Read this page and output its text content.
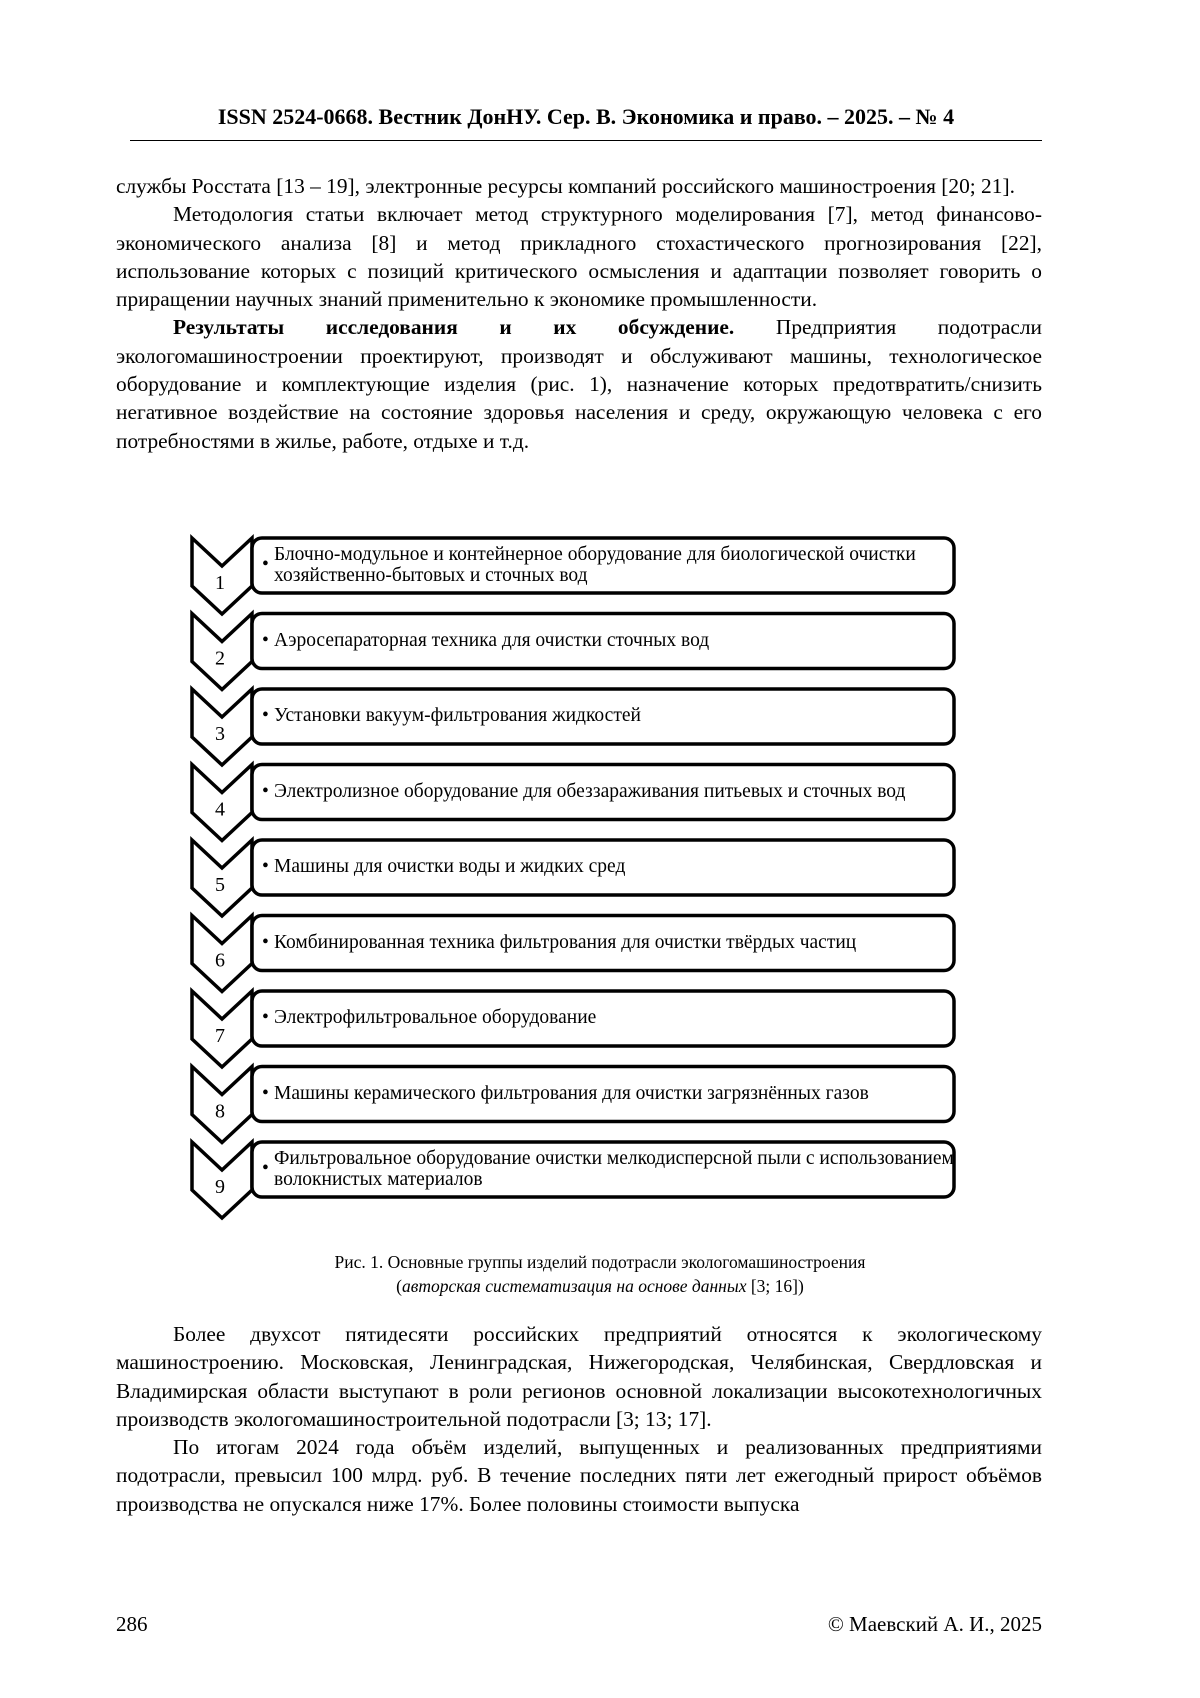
ISSN 2524-0668. Вестник ДонНУ. Сер. В. Экономика и право. – 2025. – № 4

службы Росстата [13 – 19], электронные ресурсы компаний российского машиностроения [20; 21].

Методология статьи включает метод структурного моделирования [7], метод финансово-экономического анализа [8] и метод прикладного стохастического прогнозирования [22], использование которых с позиций критического осмысления и адаптации позволяет говорить о приращении научных знаний применительно к экономике промышленности.

Результаты исследования и их обсуждение. Предприятия подотрасли экологомашиностроении проектируют, производят и обслуживают машины, технологическое оборудование и комплектующие изделия (рис. 1), назначение которых предотвратить/снизить негативное воздействие на состояние здоровья населения и среду, окружающую человека с его потребностями в жилье, работе, отдыхе и т.д.

1
2
3
4
5
6
7
8
9
• Блочно-модульное и контейнерное оборудование для биологической очистки хозяйственно-бытовых и сточных вод
• Аэросепараторная техника для очистки сточных вод
• Установки вакуум-фильтрования жидкостей
• Электролизное оборудование для обеззараживания питьевых и сточных вод
• Машины для очистки воды и жидких сред
• Комбинированная техника фильтрования для очистки твёрдых частиц
• Электрофильтровальное оборудование
• Машины керамического фильтрования для очистки загрязнённых газов
• Фильтровальное оборудование очистки мелкодисперсной пыли с использованием волокнистых материалов
Рис. 1. Основные группы изделий подотрасли экологомашиностроения
(авторская систематизация на основе данных [3; 16])

Более двухсот пятидесяти российских предприятий относятся к экологическому машиностроению. Московская, Ленинградская, Нижегородская, Челябинская, Свердловская и Владимирская области выступают в роли регионов основной локализации высокотехнологичных производств экологомашиностроительной подотрасли [3; 13; 17].

По итогам 2024 года объём изделий, выпущенных и реализованных предприятиями подотрасли, превысил 100 млрд. руб. В течение последних пяти лет ежегодный прирост объёмов производства не опускался ниже 17%. Более половины стоимости выпуска

286	© Маевский А. И., 2025
